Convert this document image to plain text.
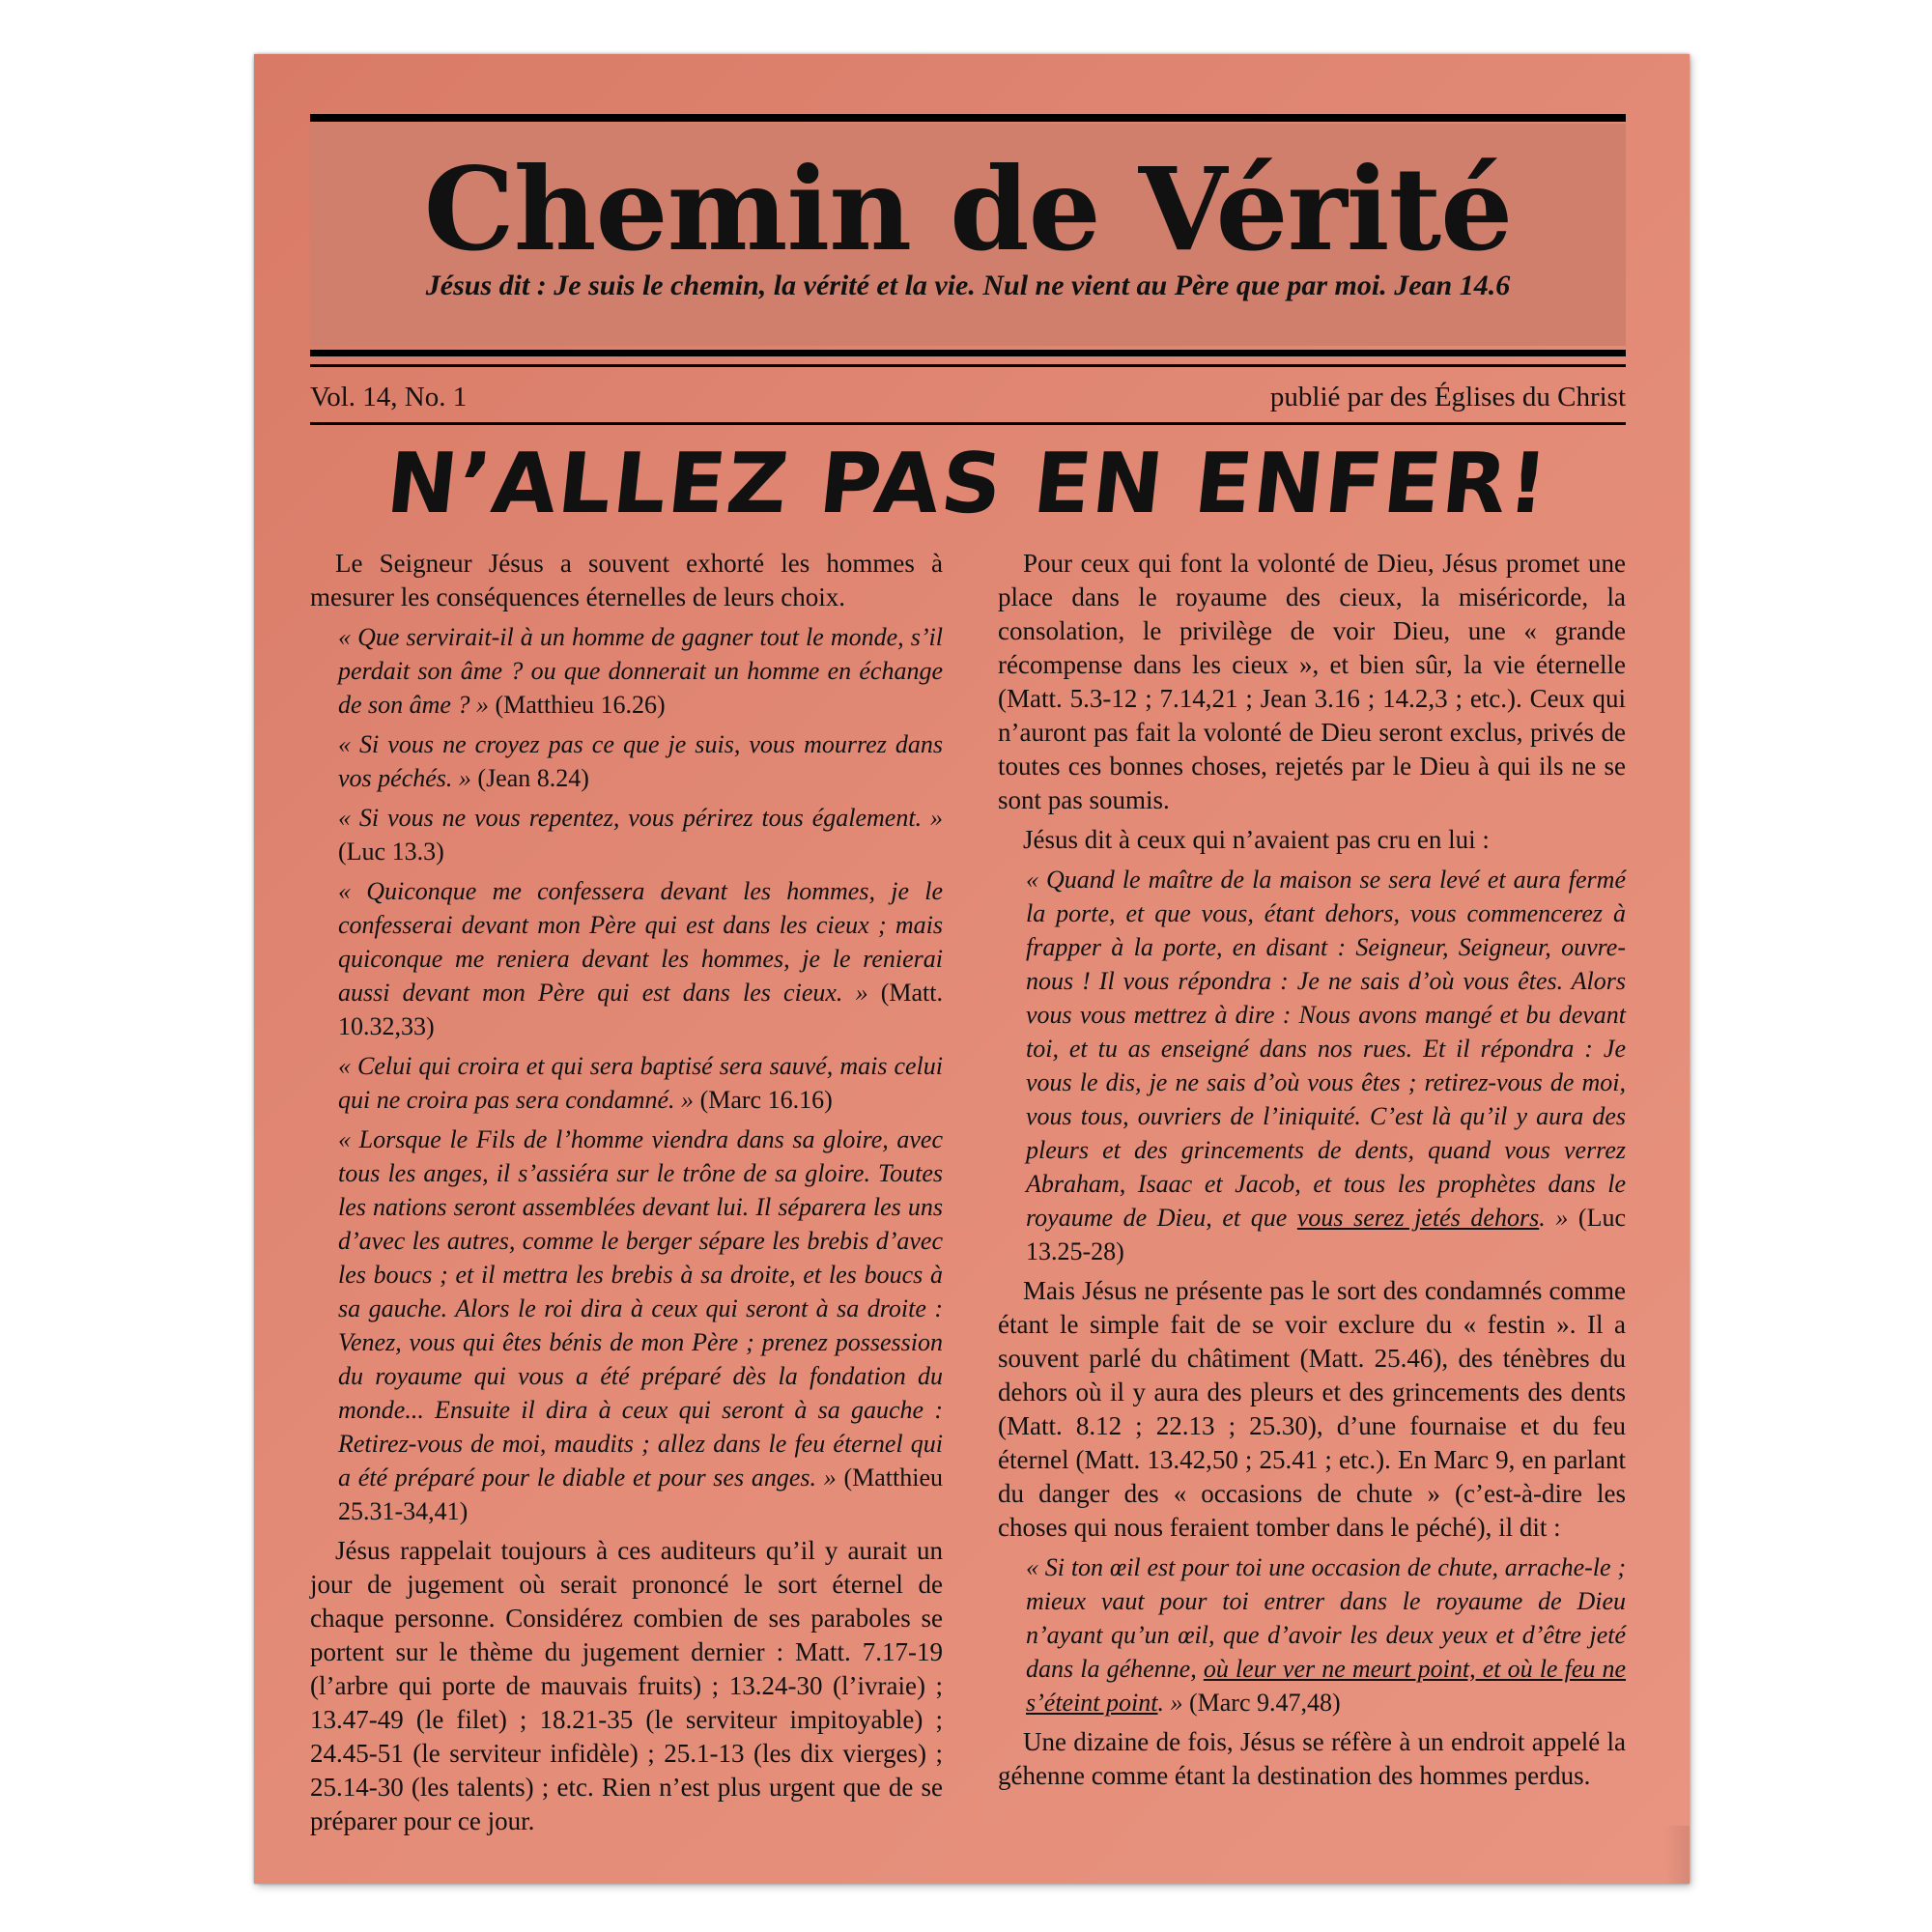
Chemin de Vérité
Jésus dit : Je suis le chemin, la vérité et la vie. Nul ne vient au Père que par moi. Jean 14.6
Vol. 14, No. 1	publié par des Églises du Christ
N’ALLEZ PAS EN ENFER!

Le Seigneur Jésus a souvent exhorté les hommes à mesurer les conséquences éternelles de leurs choix.

« Que servirait-il à un homme de gagner tout le monde, s’il perdait son âme ? ou que donnerait un homme en échange de son âme ? » (Matthieu 16.26)

« Si vous ne croyez pas ce que je suis, vous mourrez dans vos péchés. » (Jean 8.24)

« Si vous ne vous repentez, vous périrez tous également. » (Luc 13.3)

« Quiconque me confessera devant les hommes, je le confesserai devant mon Père qui est dans les cieux ; mais quiconque me reniera devant les hommes, je le renierai aussi devant mon Père qui est dans les cieux. » (Matt. 10.32,33)

« Celui qui croira et qui sera baptisé sera sauvé, mais celui qui ne croira pas sera condamné. » (Marc 16.16)

« Lorsque le Fils de l’homme viendra dans sa gloire, avec tous les anges, il s’assiéra sur le trône de sa gloire. Toutes les nations seront assemblées devant lui. Il séparera les uns d’avec les autres, comme le berger sépare les brebis d’avec les boucs ; et il mettra les brebis à sa droite, et les boucs à sa gauche. Alors le roi dira à ceux qui seront à sa droite : Venez, vous qui êtes bénis de mon Père ; prenez possession du royaume qui vous a été préparé dès la fondation du monde... Ensuite il dira à ceux qui seront à sa gauche : Retirez-vous de moi, maudits ; allez dans le feu éternel qui a été préparé pour le diable et pour ses anges. » (Matthieu 25.31-34,41)

Jésus rappelait toujours à ces auditeurs qu’il y aurait un jour de jugement où serait prononcé le sort éternel de chaque personne. Considérez combien de ses paraboles se portent sur le thème du jugement dernier : Matt. 7.17-19 (l’arbre qui porte de mauvais fruits) ; 13.24-30 (l’ivraie) ; 13.47-49 (le filet) ; 18.21-35 (le serviteur impitoyable) ; 24.45-51 (le serviteur infidèle) ; 25.1-13 (les dix vierges) ; 25.14-30 (les talents) ; etc. Rien n’est plus urgent que de se préparer pour ce jour.

Pour ceux qui font la volonté de Dieu, Jésus promet une place dans le royaume des cieux, la miséricorde, la consolation, le privilège de voir Dieu, une « grande récompense dans les cieux », et bien sûr, la vie éternelle (Matt. 5.3-12 ; 7.14,21 ; Jean 3.16 ; 14.2,3 ; etc.). Ceux qui n’auront pas fait la volonté de Dieu seront exclus, privés de toutes ces bonnes choses, rejetés par le Dieu à qui ils ne se sont pas soumis.

Jésus dit à ceux qui n’avaient pas cru en lui :

« Quand le maître de la maison se sera levé et aura fermé la porte, et que vous, étant dehors, vous commencerez à frapper à la porte, en disant : Seigneur, Seigneur, ouvre-nous ! Il vous répondra : Je ne sais d’où vous êtes. Alors vous vous mettrez à dire : Nous avons mangé et bu devant toi, et tu as enseigné dans nos rues. Et il répondra : Je vous le dis, je ne sais d’où vous êtes ; retirez-vous de moi, vous tous, ouvriers de l’iniquité. C’est là qu’il y aura des pleurs et des grincements de dents, quand vous verrez Abraham, Isaac et Jacob, et tous les prophètes dans le royaume de Dieu, et que vous serez jetés dehors. » (Luc 13.25-28)

Mais Jésus ne présente pas le sort des condamnés comme étant le simple fait de se voir exclure du « festin ». Il a souvent parlé du châtiment (Matt. 25.46), des ténèbres du dehors où il y aura des pleurs et des grincements des dents (Matt. 8.12 ; 22.13 ; 25.30), d’une fournaise et du feu éternel (Matt. 13.42,50 ; 25.41 ; etc.). En Marc 9, en parlant du danger des « occasions de chute » (c’est-à-dire les choses qui nous feraient tomber dans le péché), il dit :

« Si ton œil est pour toi une occasion de chute, arrache-le ; mieux vaut pour toi entrer dans le royaume de Dieu n’ayant qu’un œil, que d’avoir les deux yeux et d’être jeté dans la géhenne, où leur ver ne meurt point, et où le feu ne s’éteint point. » (Marc 9.47,48)

Une dizaine de fois, Jésus se réfère à un endroit appelé la géhenne comme étant la destination des hommes perdus.
